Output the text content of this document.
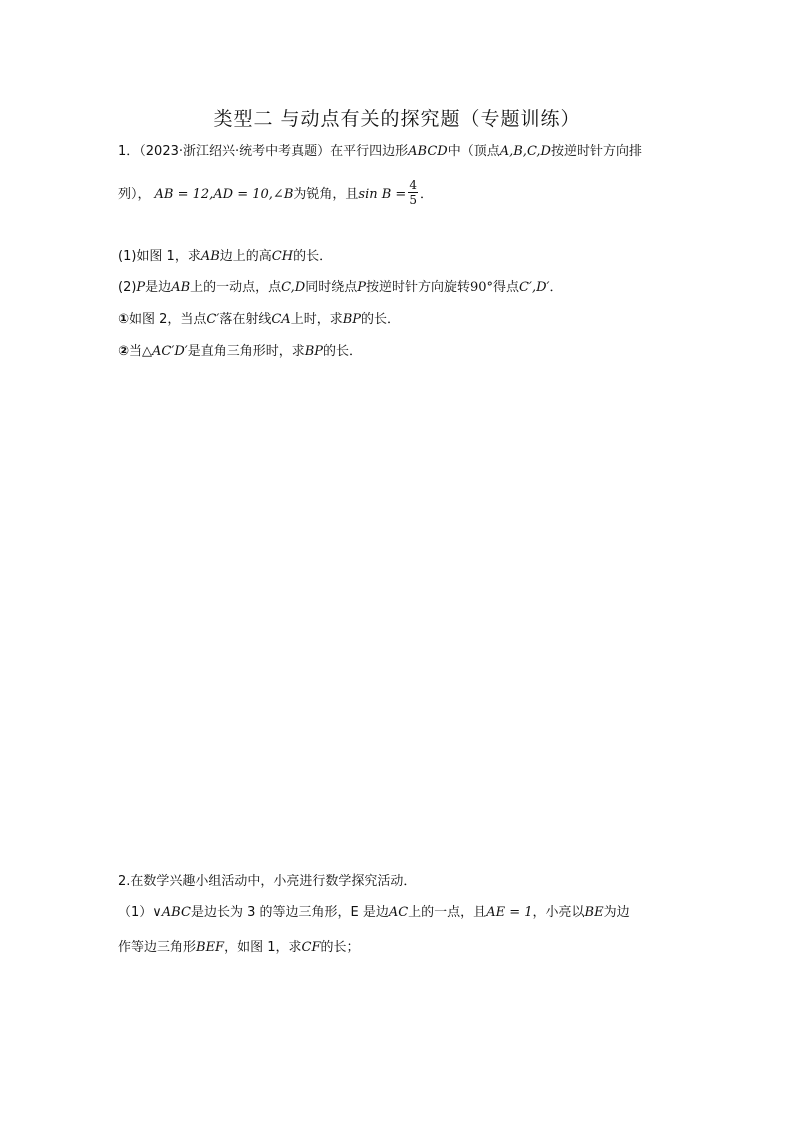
类型二 与动点有关的探究题（专题训练）
1．（2023·浙江绍兴·统考中考真题）在平行四边形ABCD中（顶点A,B,C,D按逆时针方向排
列）， AB = 12,AD = 10,∠B为锐角，且$\sin B = \frac{4}{5}$ ．
(1)如图 1，求AB边上的高CH的长．
(2)P是边AB上的一动点，点C,D同时绕点P按逆时针方向旋转90°得点C′,D′．
①如图 2，当点C′落在射线CA上时，求BP的长．
②当△AC′D′是直角三角形时，求BP的长．
2.在数学兴趣小组活动中，小亮进行数学探究活动．
（1）∨ABC是边长为 3 的等边三角形，E 是边AC上的一点，且AE = 1，小亮以BE为边
作等边三角形BEF，如图 1，求CF的长；
